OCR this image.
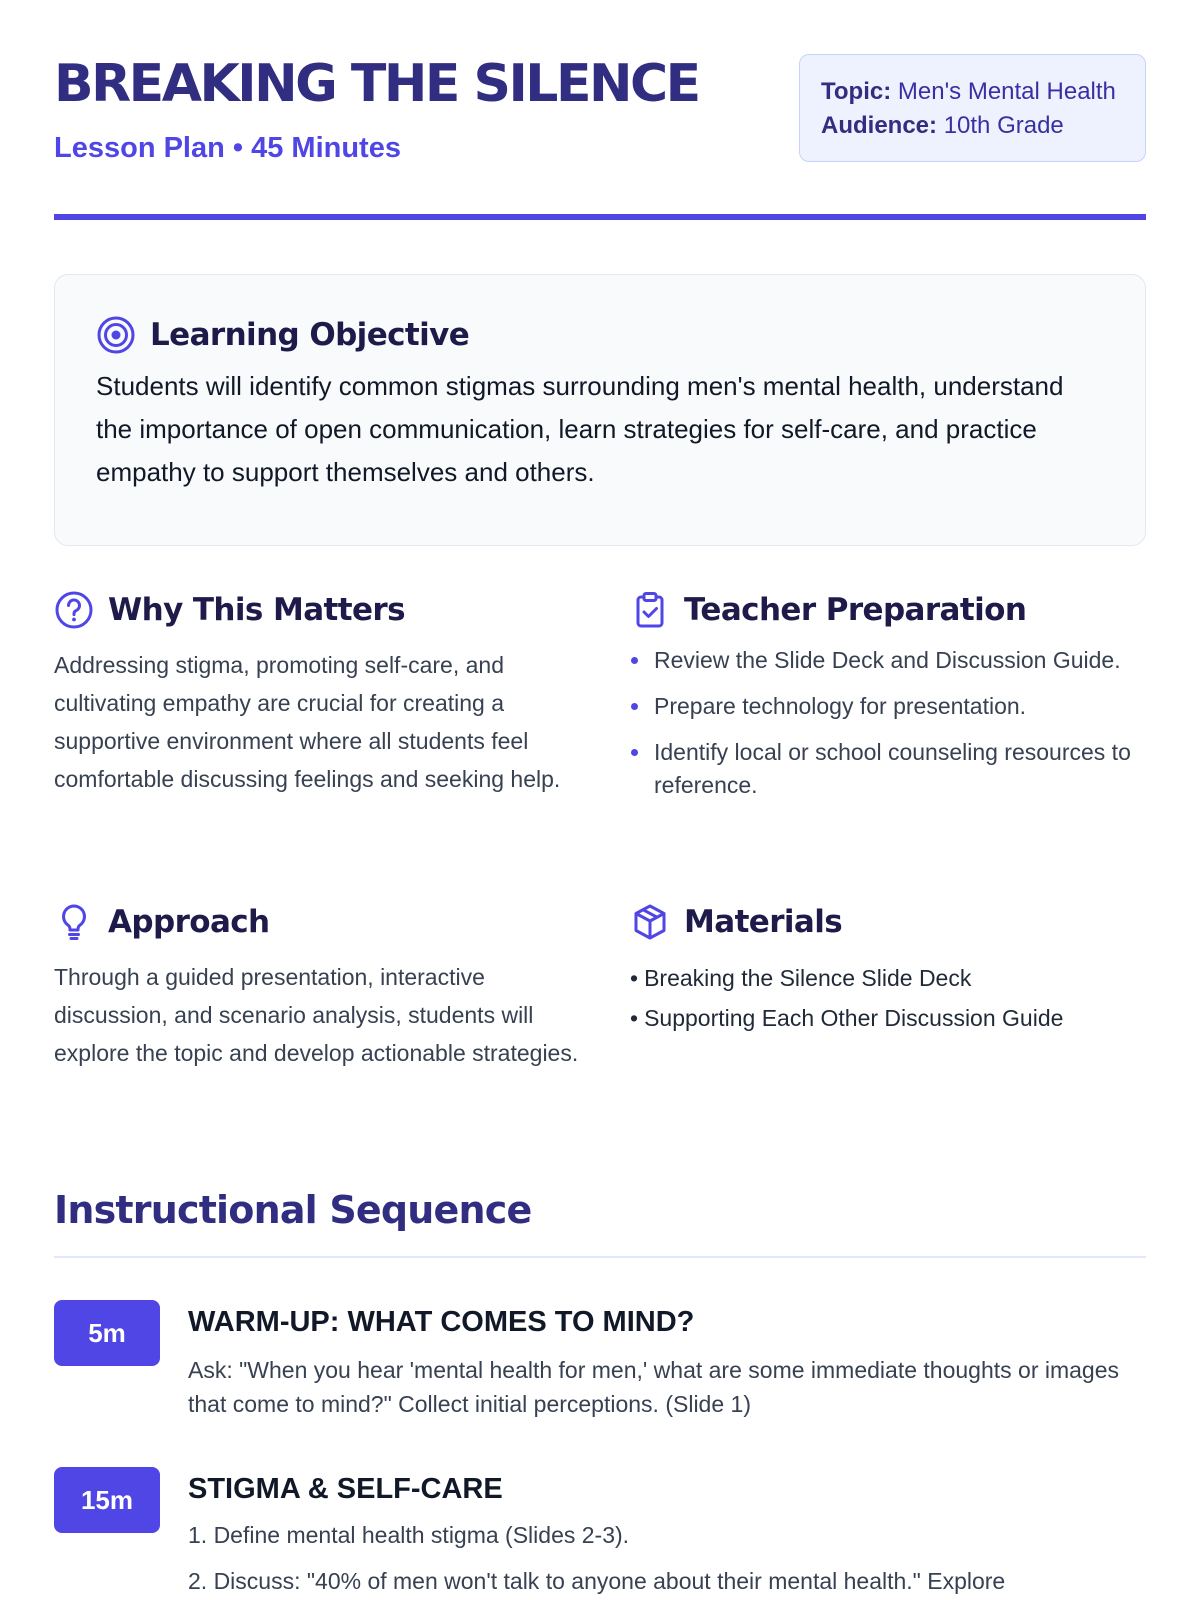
BREAKING THE SILENCE
Lesson Plan • 45 Minutes
Topic: Men's Mental Health
Audience: 10th Grade
Learning Objective

Students will identify common stigmas surrounding men's mental health, understand the importance of open communication, learn strategies for self-care, and practice empathy to support themselves and others.

Why This Matters

Addressing stigma, promoting self-care, and cultivating empathy are crucial for creating a supportive environment where all students feel comfortable discussing feelings and seeking help.

Teacher Preparation
Review the Slide Deck and Discussion Guide.
Prepare technology for presentation.
Identify local or school counseling resources to reference.
Approach

Through a guided presentation, interactive discussion, and scenario analysis, students will explore the topic and develop actionable strategies.

Materials
• Breaking the Silence Slide Deck
• Supporting Each Other Discussion Guide
Instructional Sequence
5m	WARM-UP: WHAT COMES TO MIND?

Ask: "When you hear 'mental health for men,' what are some immediate thoughts or images that come to mind?" Collect initial perceptions. (Slide 1)

15m	STIGMA & SELF-CARE
1. Define mental health stigma (Slides 2-3).
2. Discuss: "40% of men won't talk to anyone about their mental health." Explore
